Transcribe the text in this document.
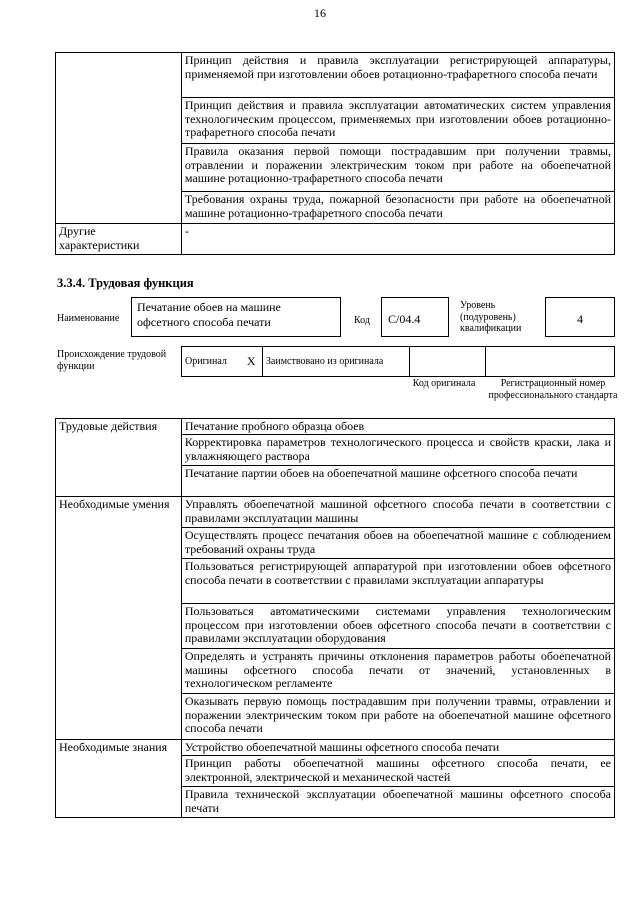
16
	Принцип действия и правила эксплуатации регистрирующей аппаратуры, применяемой при изготовлении обоев ротационно-трафаретного способа печати
	Принцип действия и правила эксплуатации автоматических систем управления технологическим процессом, применяемых при изготовлении обоев ротационно-трафаретного способа печати
	Правила оказания первой помощи пострадавшим при получении травмы, отравлении и поражении электрическим током при работе на обоепечатной машине ротационно-трафаретного способа печати
	Требования охраны труда, пожарной безопасности при работе на обоепечатной машине ротационно-трафаретного способа печати
Другие характеристики	-
3.3.4. Трудовая функция
Наименование
Печатание обоев на машине офсетного способа печати	Код	С/04.4
Уровень (подуровень) квалификации
4
Происхождение трудовой функции	Оригинал	X	Заимствовано из оригинала		
Код оригинала	Регистрационный номер профессионального стандарта
Трудовые действия	Печатание пробного образца обоев
	Корректировка параметров технологического процесса и свойств краски, лака и увлажняющего раствора
	Печатание партии обоев на обоепечатной машине офсетного способа печати
Необходимые умения	Управлять обоепечатной машиной офсетного способа печати в соответствии с правилами эксплуатации машины
	Осуществлять процесс печатания обоев на обоепечатной машине с соблюдением требований охраны труда
	Пользоваться регистрирующей аппаратурой при изготовлении обоев офсетного способа печати в соответствии с правилами эксплуатации аппаратуры
	Пользоваться автоматическими системами управления технологическим процессом при изготовлении обоев офсетного способа печати в соответствии с правилами эксплуатации оборудования
	Определять и устранять причины отклонения параметров работы обоепечатной машины офсетного способа печати от значений, установленных в технологическом регламенте
	Оказывать первую помощь пострадавшим при получении травмы, отравлении и поражении электрическим током при работе на обоепечатной машине офсетного способа печати
Необходимые знания	Устройство обоепечатной машины офсетного способа печати
	Принцип работы обоепечатной машины офсетного способа печати, ее электронной, электрической и механической частей
	Правила технической эксплуатации обоепечатной машины офсетного способа печати
